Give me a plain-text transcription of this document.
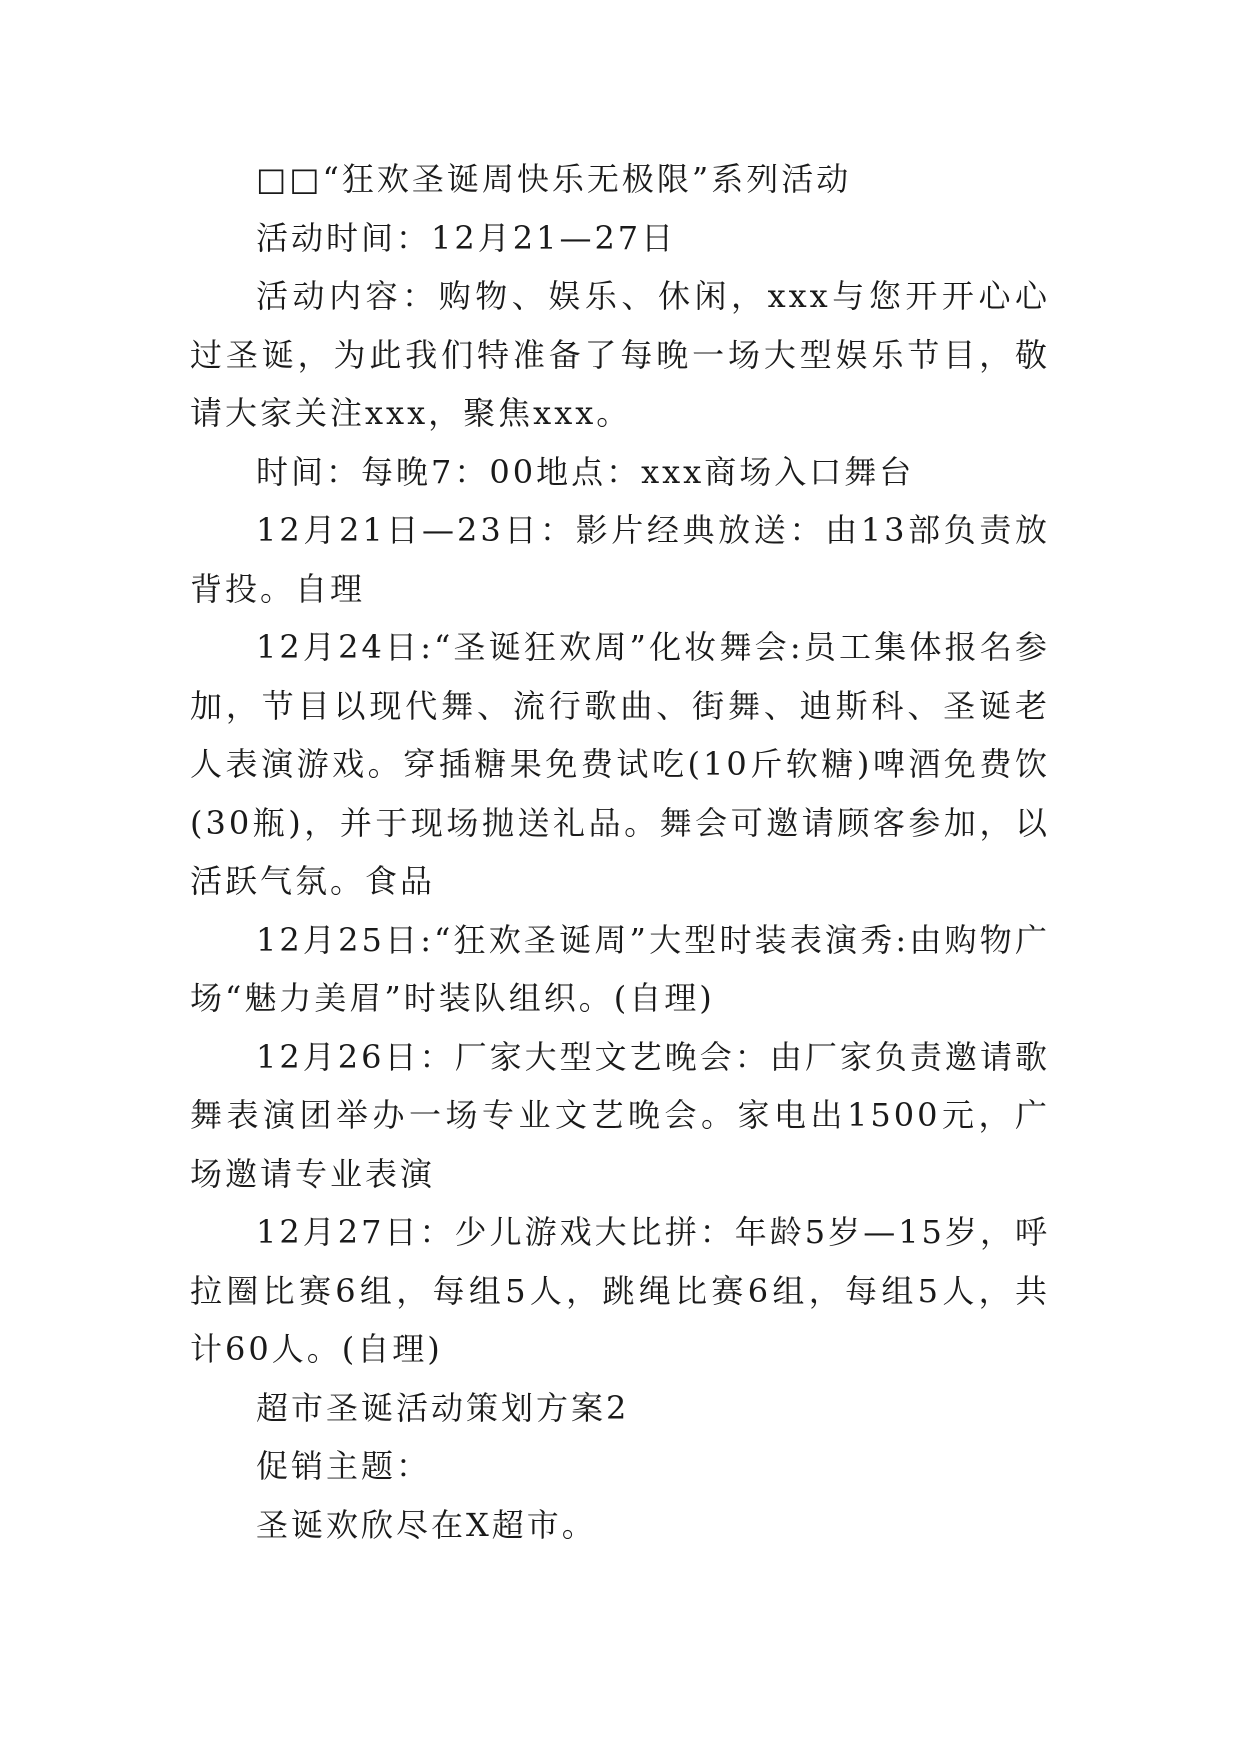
□□“狂欢圣诞周快乐无极限”系列活动

活动时间：12月21—27日

活动内容：购物、娱乐、休闲，xxx与您开开心心过圣诞，为此我们特准备了每晚一场大型娱乐节目，敬请大家关注xxx，聚焦xxx。

时间：每晚7：00地点：xxx商场入口舞台

12月21日—23日：影片经典放送：由13部负责放背投。自理

12月24日:“圣诞狂欢周”化妆舞会:员工集体报名参加，节目以现代舞、流行歌曲、街舞、迪斯科、圣诞老人表演游戏。穿插糖果免费试吃(10斤软糖)啤酒免费饮(30瓶)，并于现场抛送礼品。舞会可邀请顾客参加，以活跃气氛。食品

12月25日:“狂欢圣诞周”大型时装表演秀:由购物广场“魅力美眉”时装队组织。(自理)

12月26日：厂家大型文艺晚会：由厂家负责邀请歌舞表演团举办一场专业文艺晚会。家电出1500元，广场邀请专业表演

12月27日：少儿游戏大比拼：年龄5岁—15岁，呼拉圈比赛6组，每组5人，跳绳比赛6组，每组5人，共计60人。(自理)

超市圣诞活动策划方案2

促销主题：

圣诞欢欣尽在X超市。
